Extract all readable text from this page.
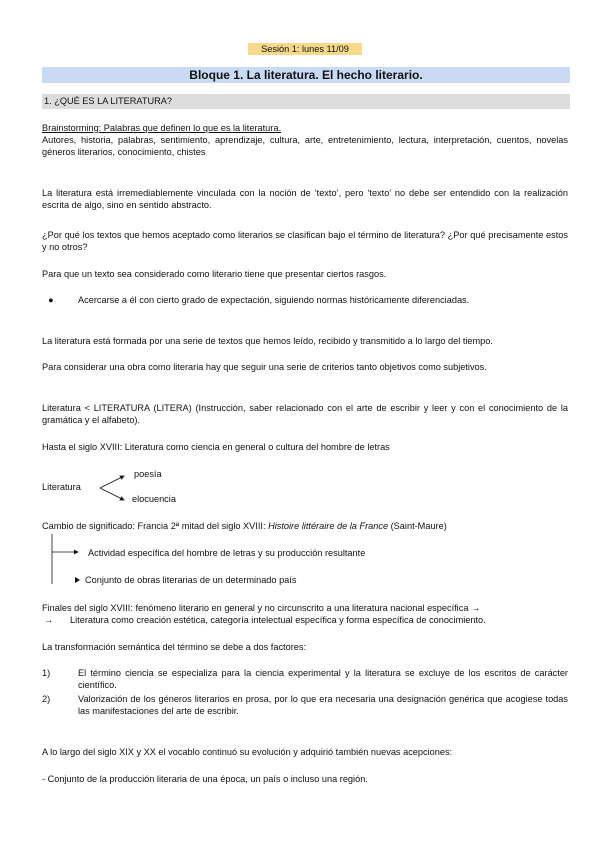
Sesión 1: lunes 11/09
Bloque 1. La literatura. El hecho literario.
1. ¿QUÉ ES LA LITERATURA?
Brainstorming: Palabras que definen lo que es la literatura.
Autores, historia, palabras, sentimiento, aprendizaje, cultura, arte, entretenimiento, lectura, interpretación, cuentos, novelas géneros literarios, conocimiento, chistes
La literatura está irremediablemente vinculada con la noción de ‘texto’, pero ‘texto’ no debe ser entendido con la realización escrita de algo, sino en sentido abstracto.
¿Por qué los textos que hemos aceptado como literarios se clasifican bajo el término de literatura? ¿Por qué precisamente estos y no otros?
Para que un texto sea considerado como literario tiene que presentar ciertos rasgos.
●	Acercarse a él con cierto grado de expectación, siguiendo normas históricamente diferenciadas.
La literatura está formada por una serie de textos que hemos leído, recibido y transmitido a lo largo del tiempo.
Para considerar una obra como literaria hay que seguir una serie de criterios tanto objetivos como subjetivos.
Literatura < LITERATURA (LITERA) (Instrucción, saber relacionado con el arte de escribir y leer y con el conocimiento de la gramática y el alfabeto).
Hasta el siglo XVIII: Literatura como ciencia en general o cultura del hombre de letras
Literatura
poesía
elocuencia
Cambio de significado: Francia 2ª mitad del siglo XVIII: Histoire littéraire de la France (Saint-Maure)
Actividad específica del hombre de letras y su producción resultante
Conjunto de obras literarias de un determinado país
Finales del siglo XVIII: fenómeno literario en general y no circunscrito a una literatura nacional específica →
→ Literatura como creación estética, categoría intelectual específica y forma específica de conocimiento.
La transformación semántica del término se debe a dos factores:
1)	El término ciencia se especializa para la ciencia experimental y la literatura se excluye de los escritos de carácter científico.
2)	Valorización de los géneros literarios en prosa, por lo que era necesaria una designación genérica que acogiese todas las manifestaciones del arte de escribir.
A lo largo del siglo XIX y XX el vocablo continuó su evolución y adquirió también nuevas acepciones:
- Conjunto de la producción literaria de una época, un país o incluso una región.
